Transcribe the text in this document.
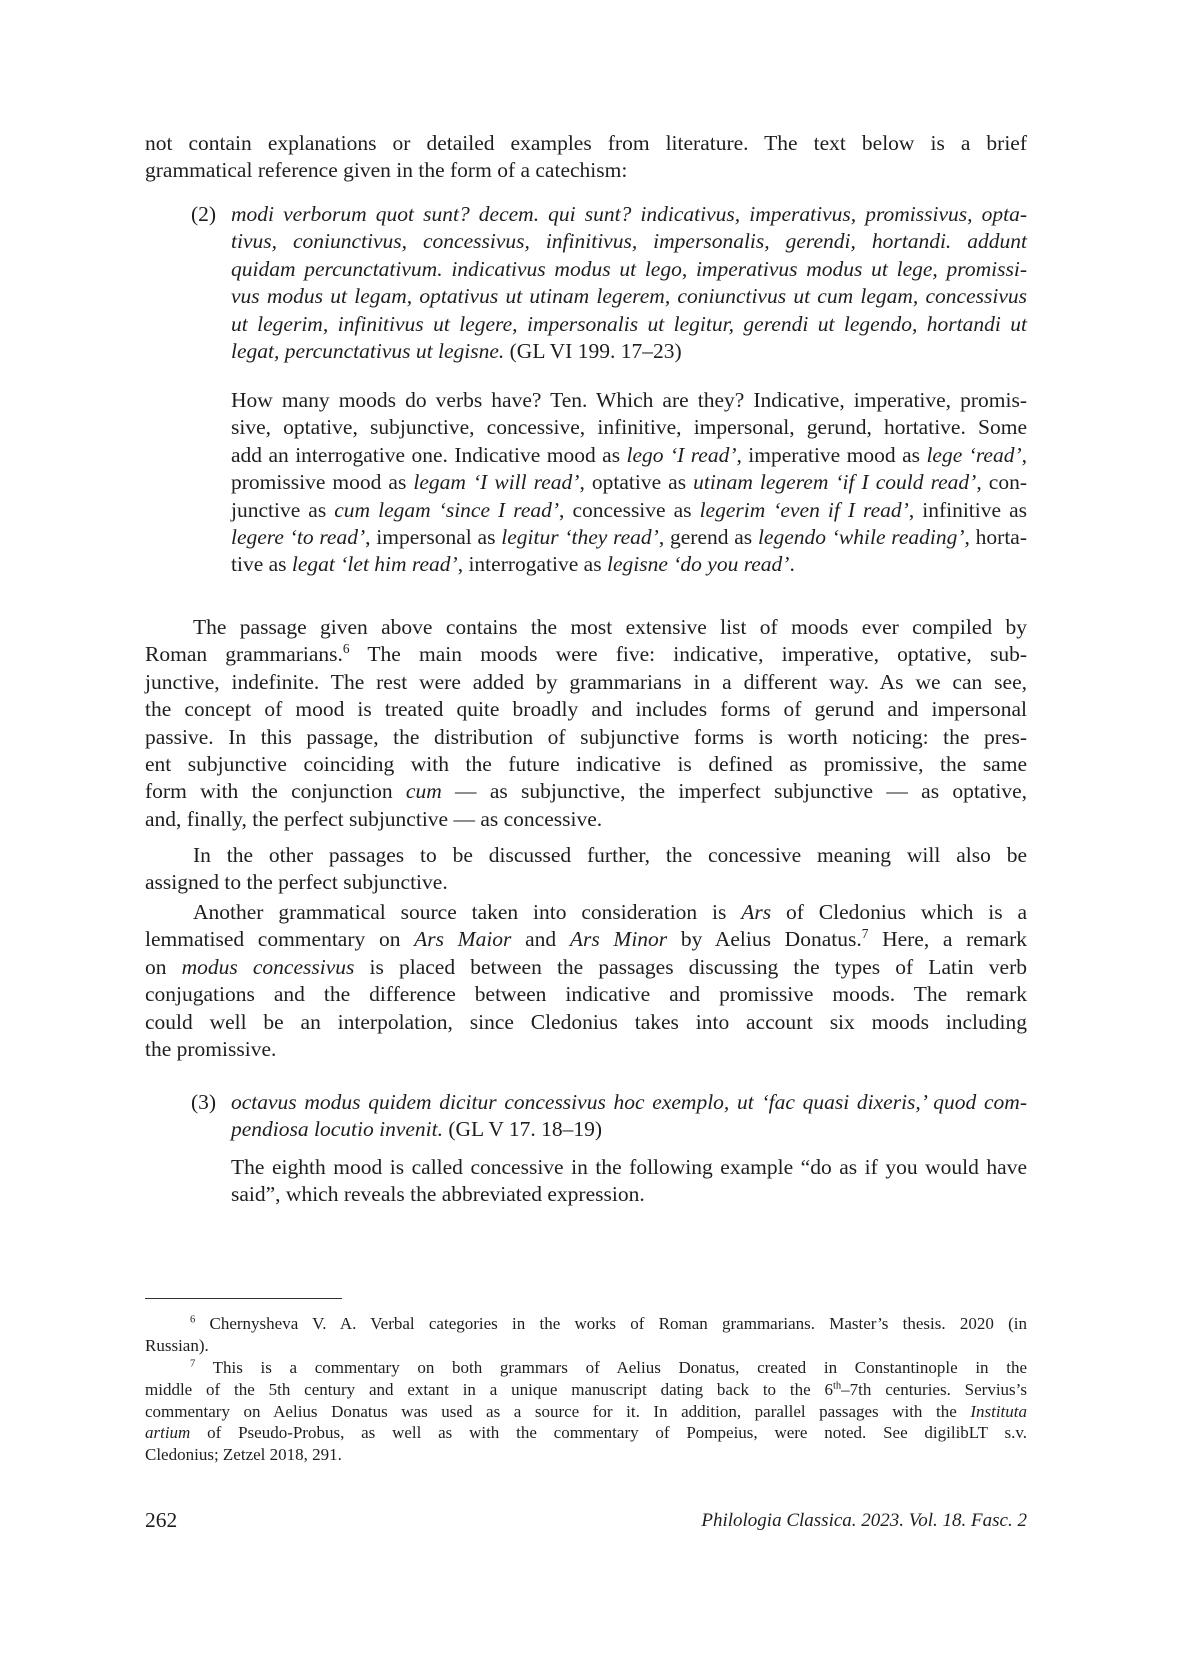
not contain explanations or detailed examples from literature. The text below is a brief
grammatical reference given in the form of a catechism:
(2) modi verborum quot sunt? decem. qui sunt? indicativus, imperativus, promissivus, opta-
tivus, coniunctivus, concessivus, infinitivus, impersonalis, gerendi, hortandi. addunt
quidam percunctativum. indicativus modus ut lego, imperativus modus ut lege, promissi-
vus modus ut legam, optativus ut utinam legerem, coniunctivus ut cum legam, concessivus
ut legerim, infinitivus ut legere, impersonalis ut legitur, gerendi ut legendo, hortandi ut
legat, percunctativus ut legisne. (GL VI 199. 17–23)
How many moods do verbs have? Ten. Which are they? Indicative, imperative, promis-
sive, optative, subjunctive, concessive, infinitive, impersonal, gerund, hortative. Some
add an interrogative one. Indicative mood as lego ‘I read’, imperative mood as lege ‘read’,
promissive mood as legam ‘I will read’, optative as utinam legerem ‘if I could read’, con-
junctive as cum legam ‘since I read’, concessive as legerim ‘even if I read’, infinitive as
legere ‘to read’, impersonal as legitur ‘they read’, gerend as legendo ‘while reading’, horta-
tive as legat ‘let him read’, interrogative as legisne ‘do you read’.
The passage given above contains the most extensive list of moods ever compiled by
Roman grammarians.$^6$ The main moods were five: indicative, imperative, optative, sub-
junctive, indefinite. The rest were added by grammarians in a different way. As we can see,
the concept of mood is treated quite broadly and includes forms of gerund and impersonal
passive. In this passage, the distribution of subjunctive forms is worth noticing: the pres-
ent subjunctive coinciding with the future indicative is defined as promissive, the same
form with the conjunction cum — as subjunctive, the imperfect subjunctive — as optative,
and, finally, the perfect subjunctive — as concessive.
In the other passages to be discussed further, the concessive meaning will also be
assigned to the perfect subjunctive.
Another grammatical source taken into consideration is Ars of Cledonius which is a
lemmatised commentary on Ars Maior and Ars Minor by Aelius Donatus.$^7$ Here, a remark
on modus concessivus is placed between the passages discussing the types of Latin verb
conjugations and the difference between indicative and promissive moods. The remark
could well be an interpolation, since Cledonius takes into account six moods including
the promissive.
(3) octavus modus quidem dicitur concessivus hoc exemplo, ut ‘fac quasi dixeris,’ quod com-
pendiosa locutio invenit. (GL V 17. 18–19)
The eighth mood is called concessive in the following example “do as if you would have
said”, which reveals the abbreviated expression.
$^6$ Chernysheva V. A. Verbal categories in the works of Roman grammarians. Master’s thesis. 2020 (in
Russian).
$^7$ This is a commentary on both grammars of Aelius Donatus, created in Constantinople in the
middle of the 5th century and extant in a unique manuscript dating back to the 6th–7th centuries. Servius’s
commentary on Aelius Donatus was used as a source for it. In addition, parallel passages with the Instituta
artium of Pseudo-Probus, as well as with the commentary of Pompeius, were noted. See digilibLT s.v.
Cledonius; Zetzel 2018, 291.
262	Philologia Classica. 2023. Vol. 18. Fasc. 2
